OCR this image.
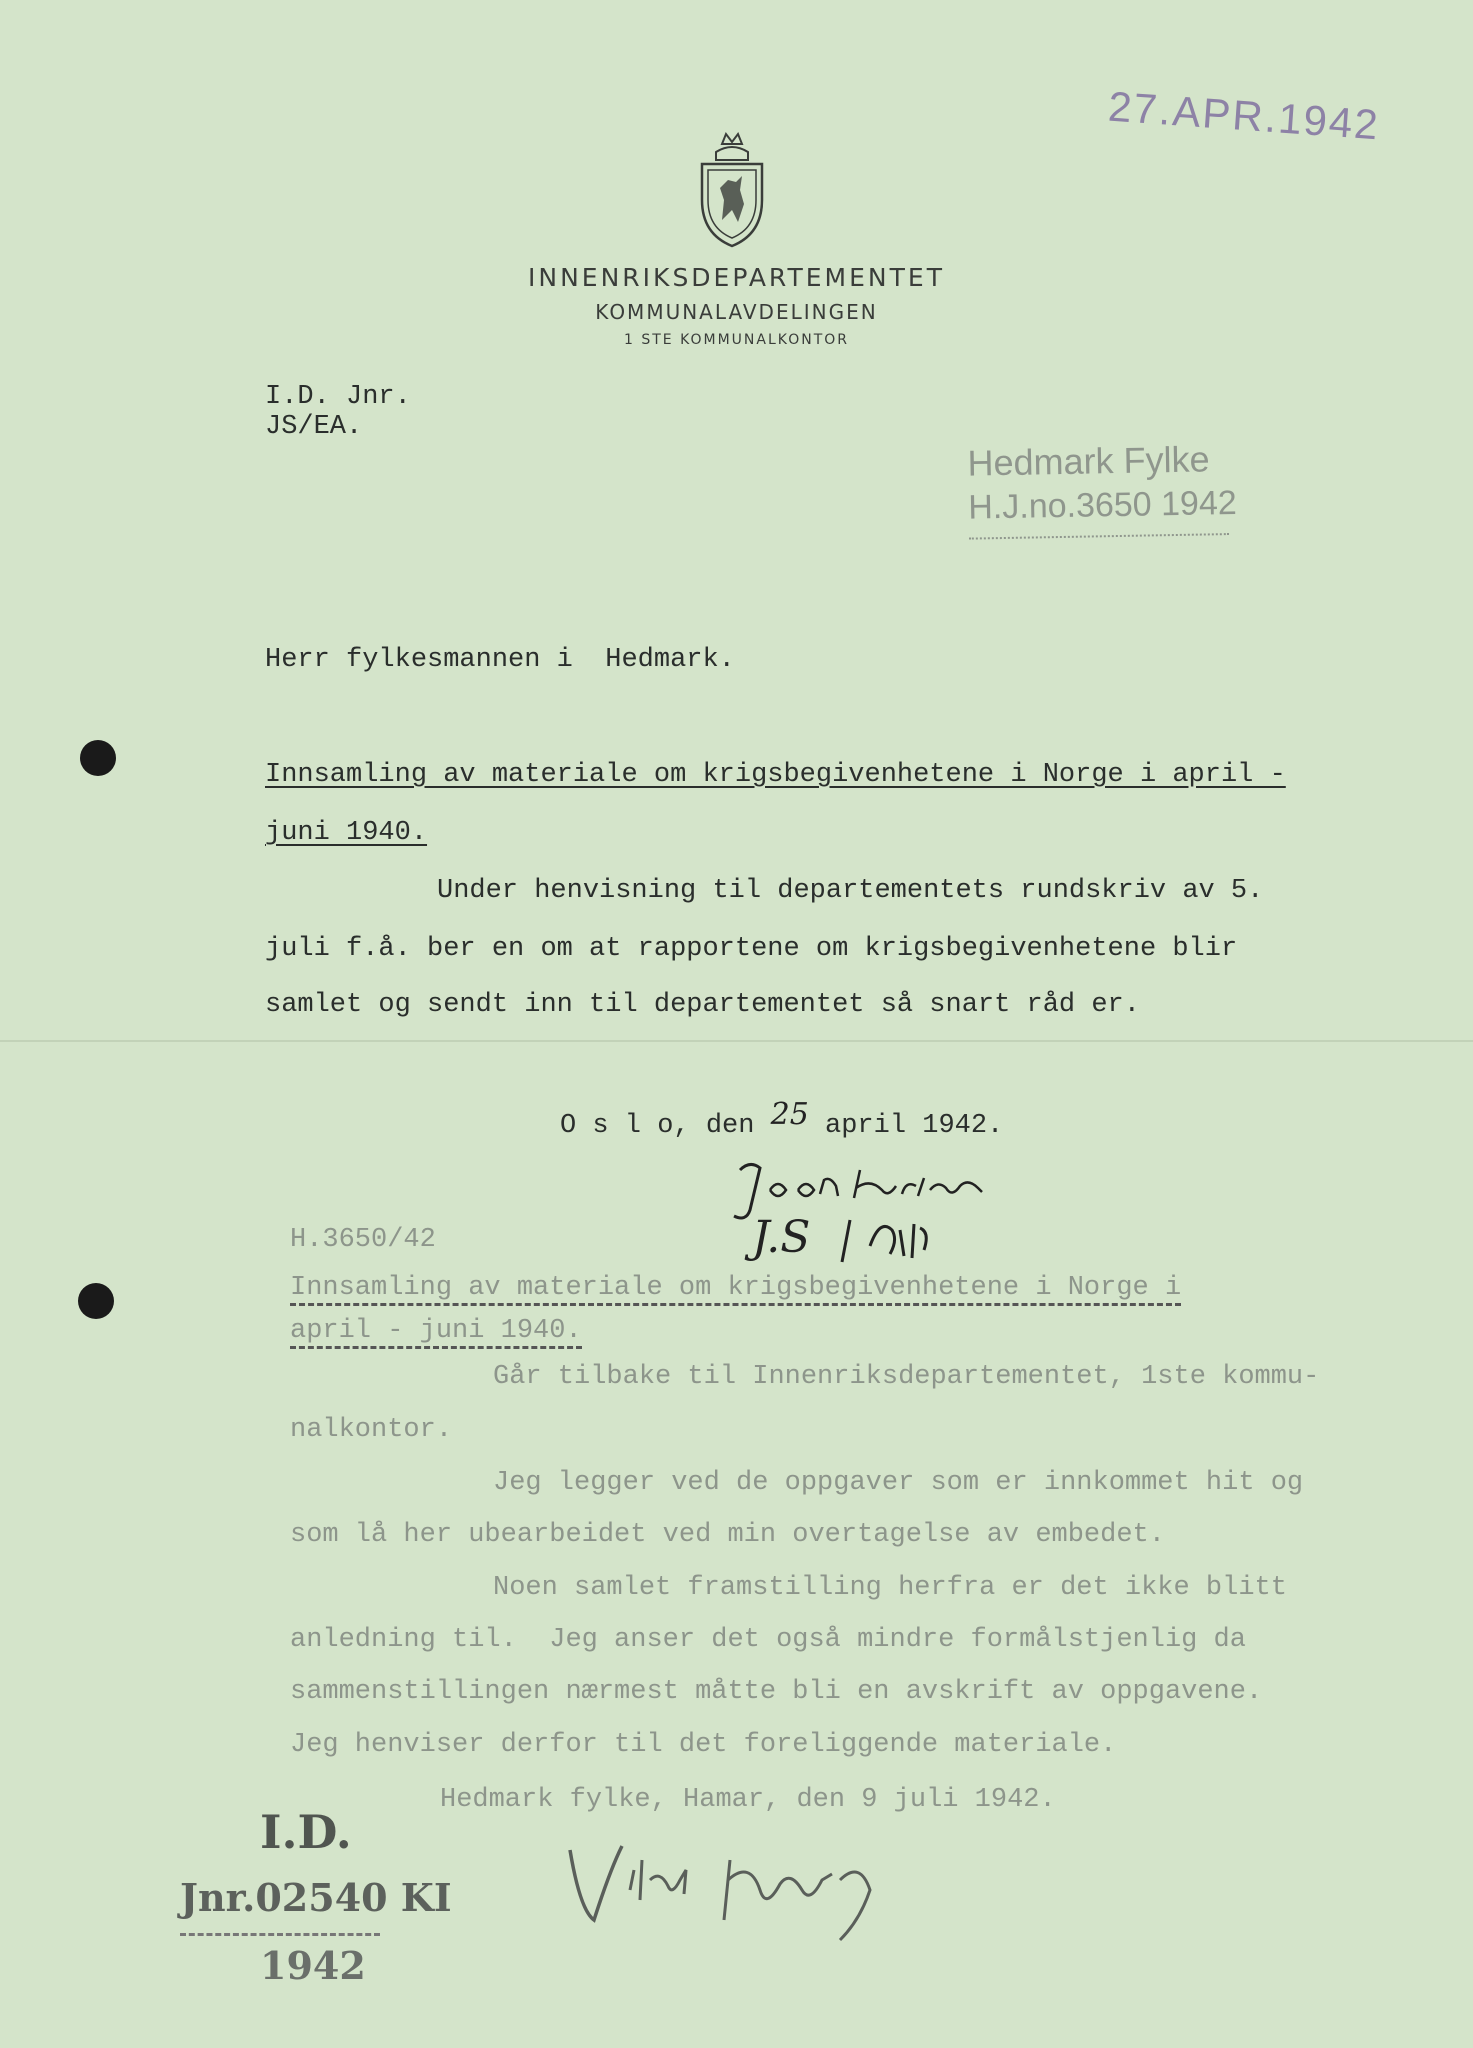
27.APR.1942
INNENRIKSDEPARTEMENTET
KOMMUNALAVDELINGEN
1 STE KOMMUNALKONTOR
I.D. Jnr.
JS/EA.
Hedmark Fylke
H.J.no.3650 1942
Herr fylkesmannen i  Hedmark.
Innsamling av materiale om krigsbegivenhetene i Norge i april -
juni 1940.
Under henvisning til departementets rundskriv av 5.
juli f.å. ber en om at rapportene om krigsbegivenhetene blir
samlet og sendt inn til departementet så snart råd er.
O s l o, den 25 april 1942.
J.S
H.3650/42
Innsamling av materiale om krigsbegivenhetene i Norge i
april - juni 1940.
Går tilbake til Innenriksdepartementet, 1ste kommu-
nalkontor.
Jeg legger ved de oppgaver som er innkommet hit og
som lå her ubearbeidet ved min overtagelse av embedet.
Noen samlet framstilling herfra er det ikke blitt
anledning til.  Jeg anser det også mindre formålstjenlig da
sammenstillingen nærmest måtte bli en avskrift av oppgavene.
Jeg henviser derfor til det foreliggende materiale.
Hedmark fylke, Hamar, den 9 juli 1942.
I.D.
Jnr.02540 KI
1942
